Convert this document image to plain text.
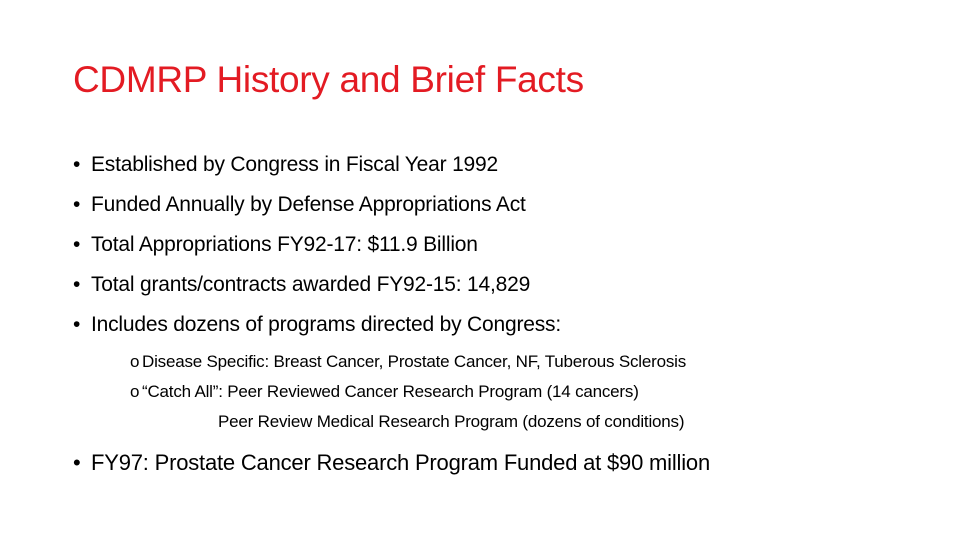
CDMRP History and Brief Facts
• Established by Congress in Fiscal Year 1992
• Funded Annually by Defense Appropriations Act
• Total Appropriations FY92-17: $11.9 Billion
• Total grants/contracts awarded FY92-15: 14,829
• Includes dozens of programs directed by Congress:
o Disease Specific: Breast Cancer, Prostate Cancer, NF, Tuberous Sclerosis
o “Catch All”: Peer Reviewed Cancer Research Program (14 cancers)
Peer Review Medical Research Program (dozens of conditions)
• FY97: Prostate Cancer Research Program Funded at $90 million
